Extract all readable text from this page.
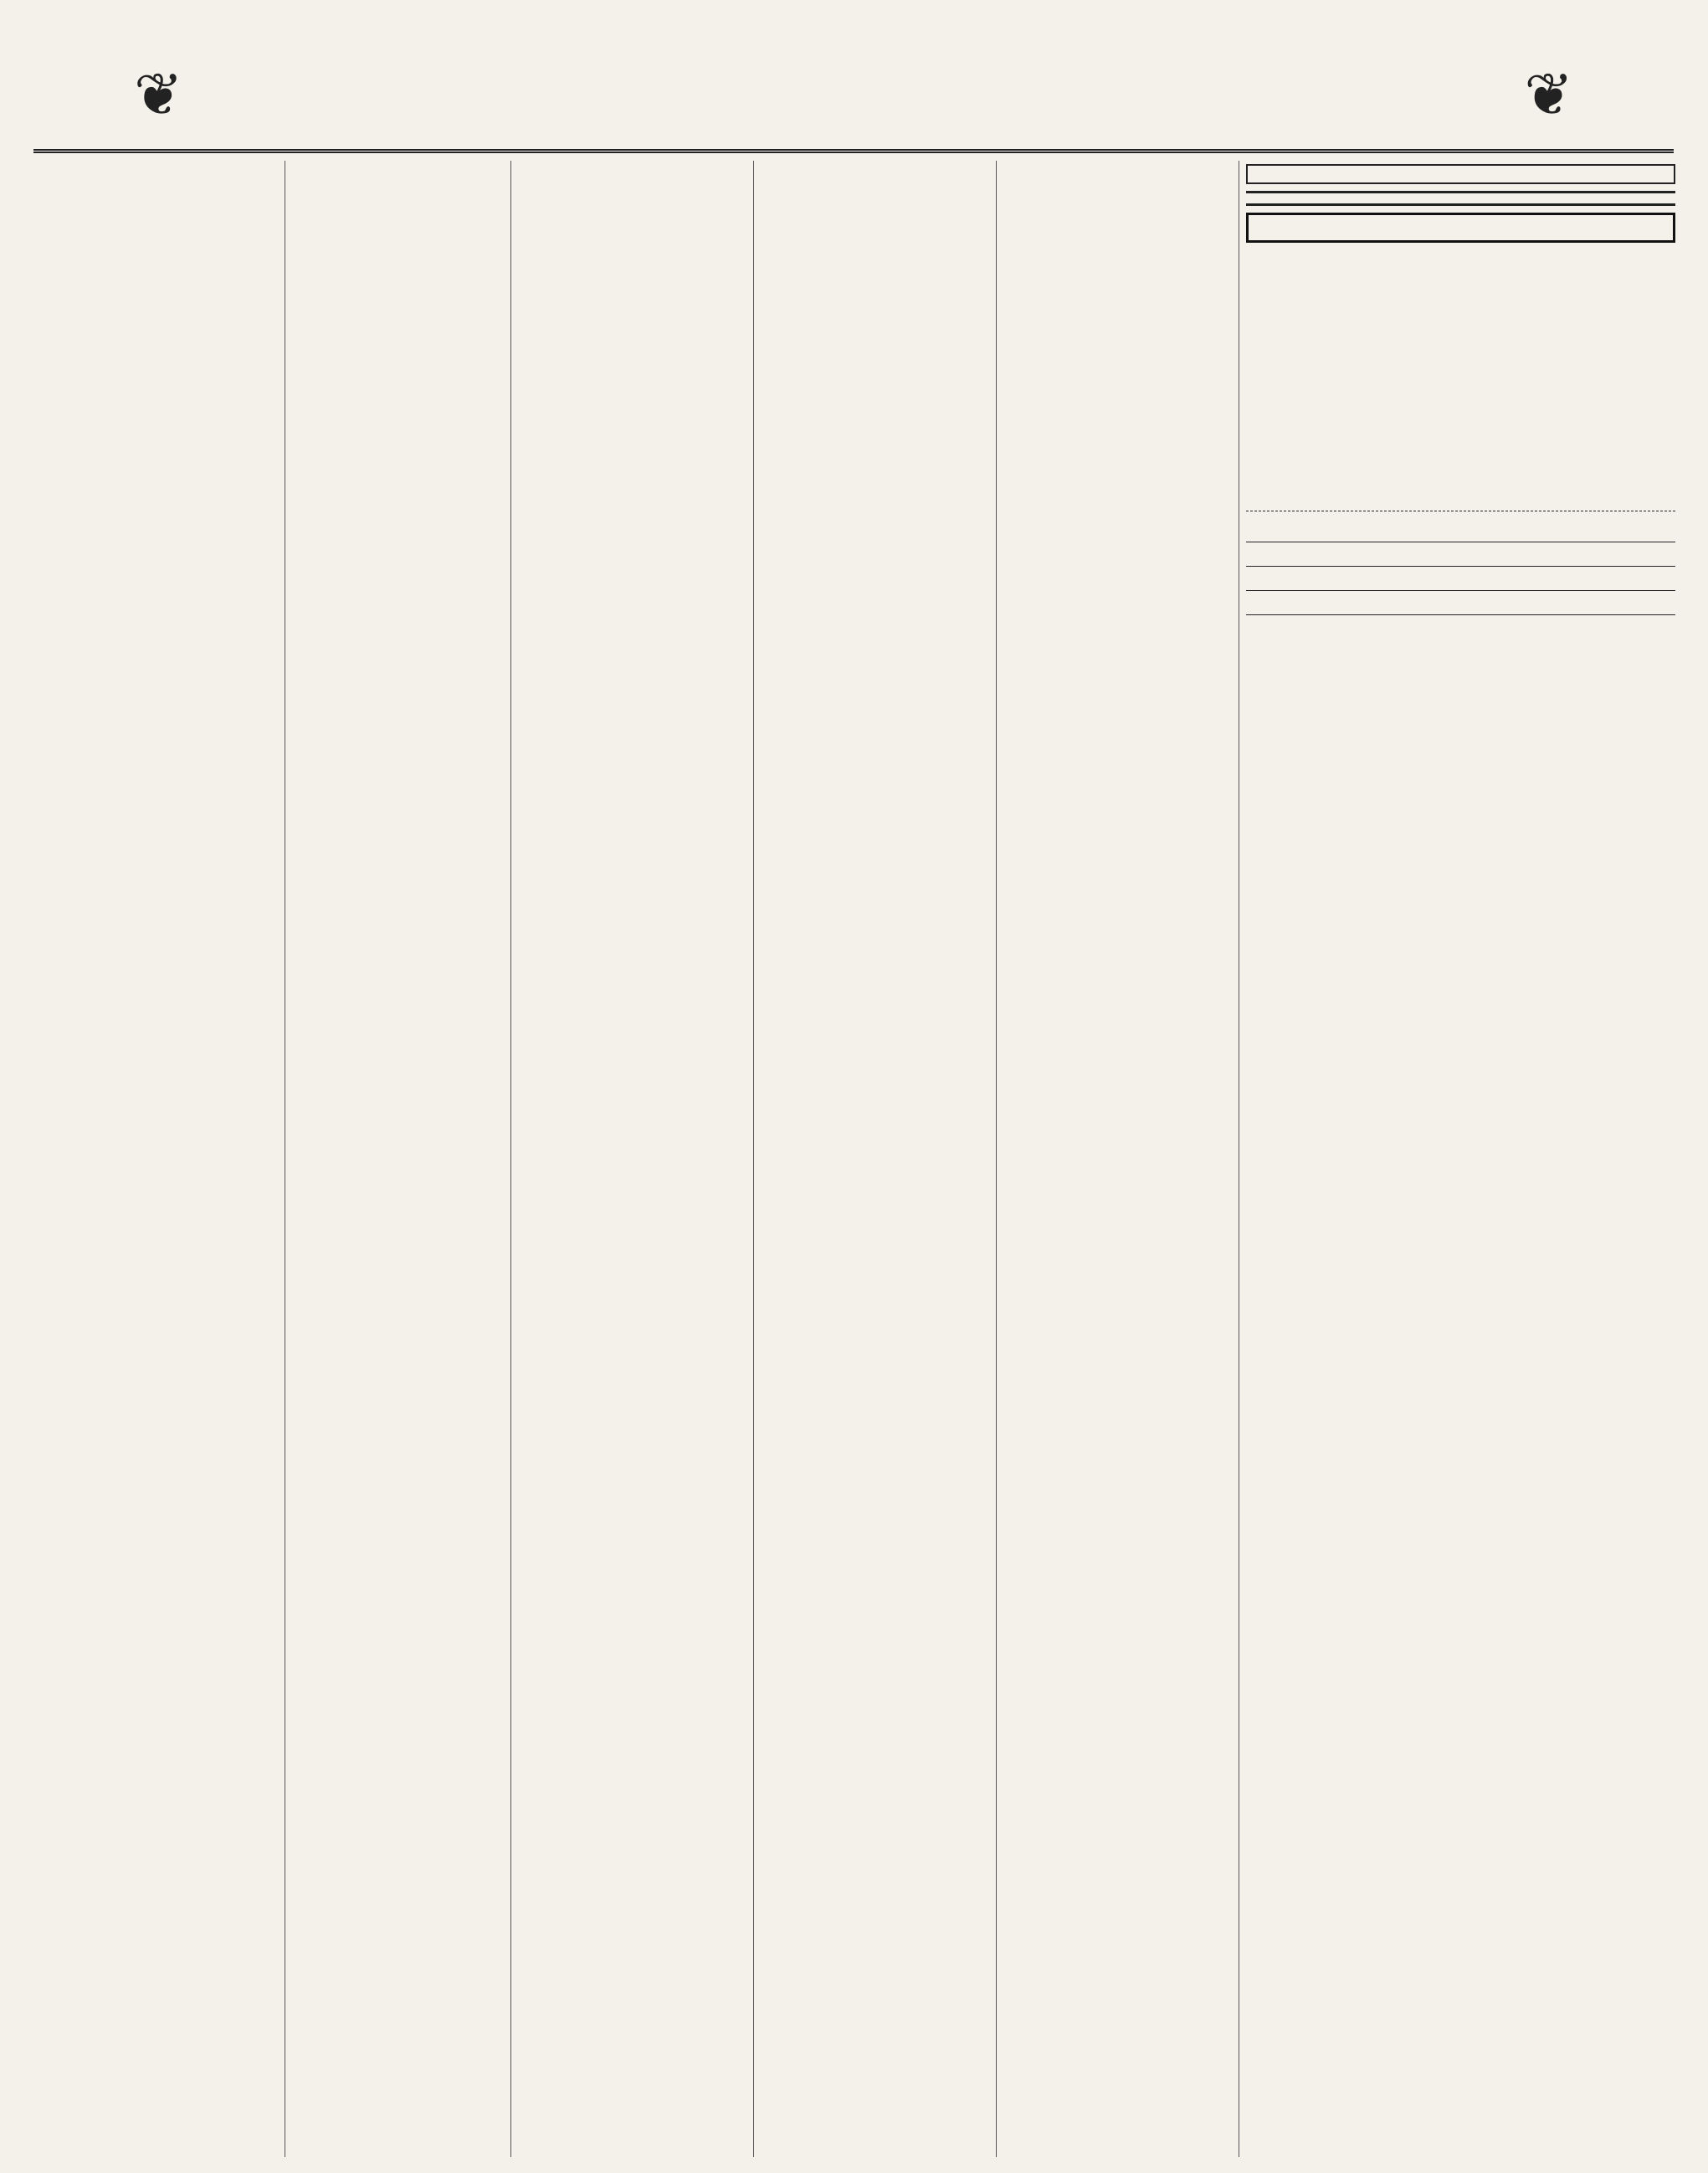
❦	❦
